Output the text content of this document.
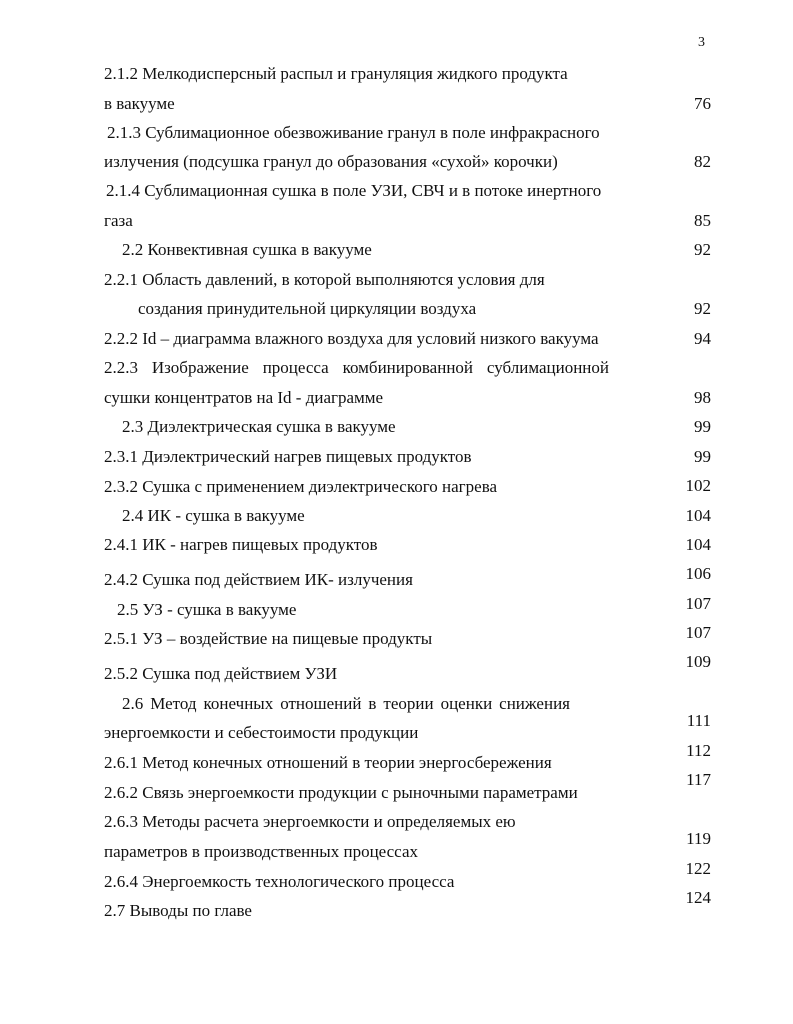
3
2.1.2 Мелкодисперсный распыл и грануляция жидкого продукта
в вакууме
2.1.3 Сублимационное обезвоживание гранул в поле инфракрасного
излучения (подсушка гранул до образования «сухой» корочки)
2.1.4 Сублимационная сушка в поле УЗИ, СВЧ и в потоке инертного
газа
2.2 Конвективная сушка в вакууме
2.2.1 Область давлений, в которой выполняются условия для
создания принудительной циркуляции воздуха
2.2.2 Id – диаграмма влажного воздуха для условий низкого вакуума
2.2.3 Изображение процесса комбинированной сублимационной
сушки концентратов на Id - диаграмме
2.3 Диэлектрическая сушка в вакууме
2.3.1 Диэлектрический нагрев пищевых продуктов
2.3.2 Сушка с применением диэлектрического нагрева
2.4 ИК - сушка в вакууме
2.4.1 ИК - нагрев пищевых продуктов
2.4.2 Сушка под действием ИК- излучения
2.5 УЗ - сушка в вакууме
2.5.1 УЗ – воздействие на пищевые продукты
2.5.2 Сушка под действием УЗИ
2.6 Метод конечных отношений в теории оценки снижения
энергоемкости и себестоимости продукции
2.6.1 Метод конечных отношений в теории энергосбережения
2.6.2 Связь энергоемкости продукции с рыночными параметрами
2.6.3 Методы расчета энергоемкости и определяемых ею
параметров в производственных процессах
2.6.4 Энергоемкость технологического процесса
2.7 Выводы по главе
76
82
85
92
92
94
98
99
99
102
104
104
106
107
107
109
111
112
117
119
122
124
